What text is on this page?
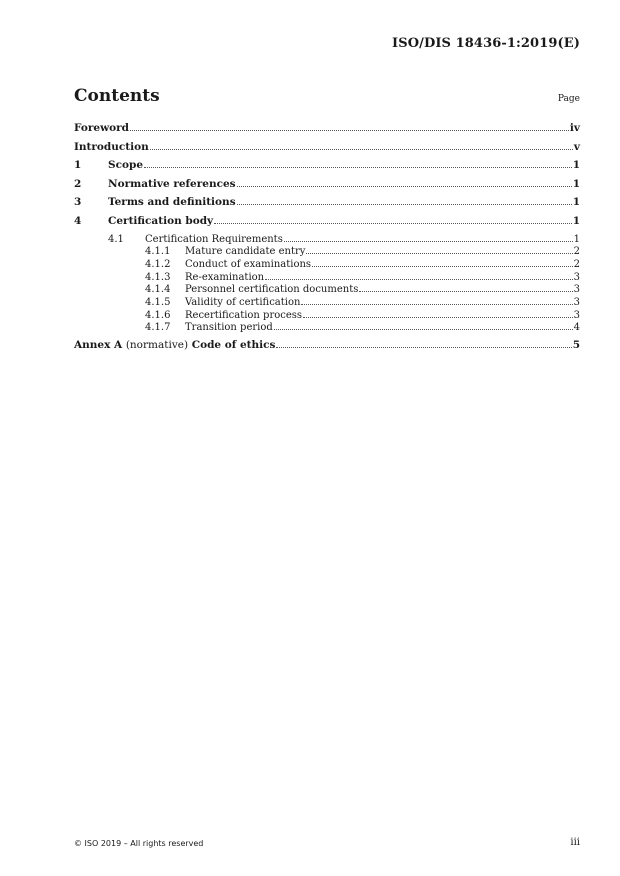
ISO/DIS 18436-1:2019(E)
Contents	Page
Foreword	iv
Introduction	v
1	Scope	1
2	Normative references	1
3	Terms and definitions	1
4	Certification body	1
4.1	Certification Requirements	1
4.1.1	Mature candidate entry	2
4.1.2	Conduct of examinations	2
4.1.3	Re-examination	3
4.1.4	Personnel certification documents	3
4.1.5	Validity of certification	3
4.1.6	Recertification process	3
4.1.7	Transition period	4
Annex A (normative) Code of ethics	5
© ISO 2019 – All rights reserved	iii
